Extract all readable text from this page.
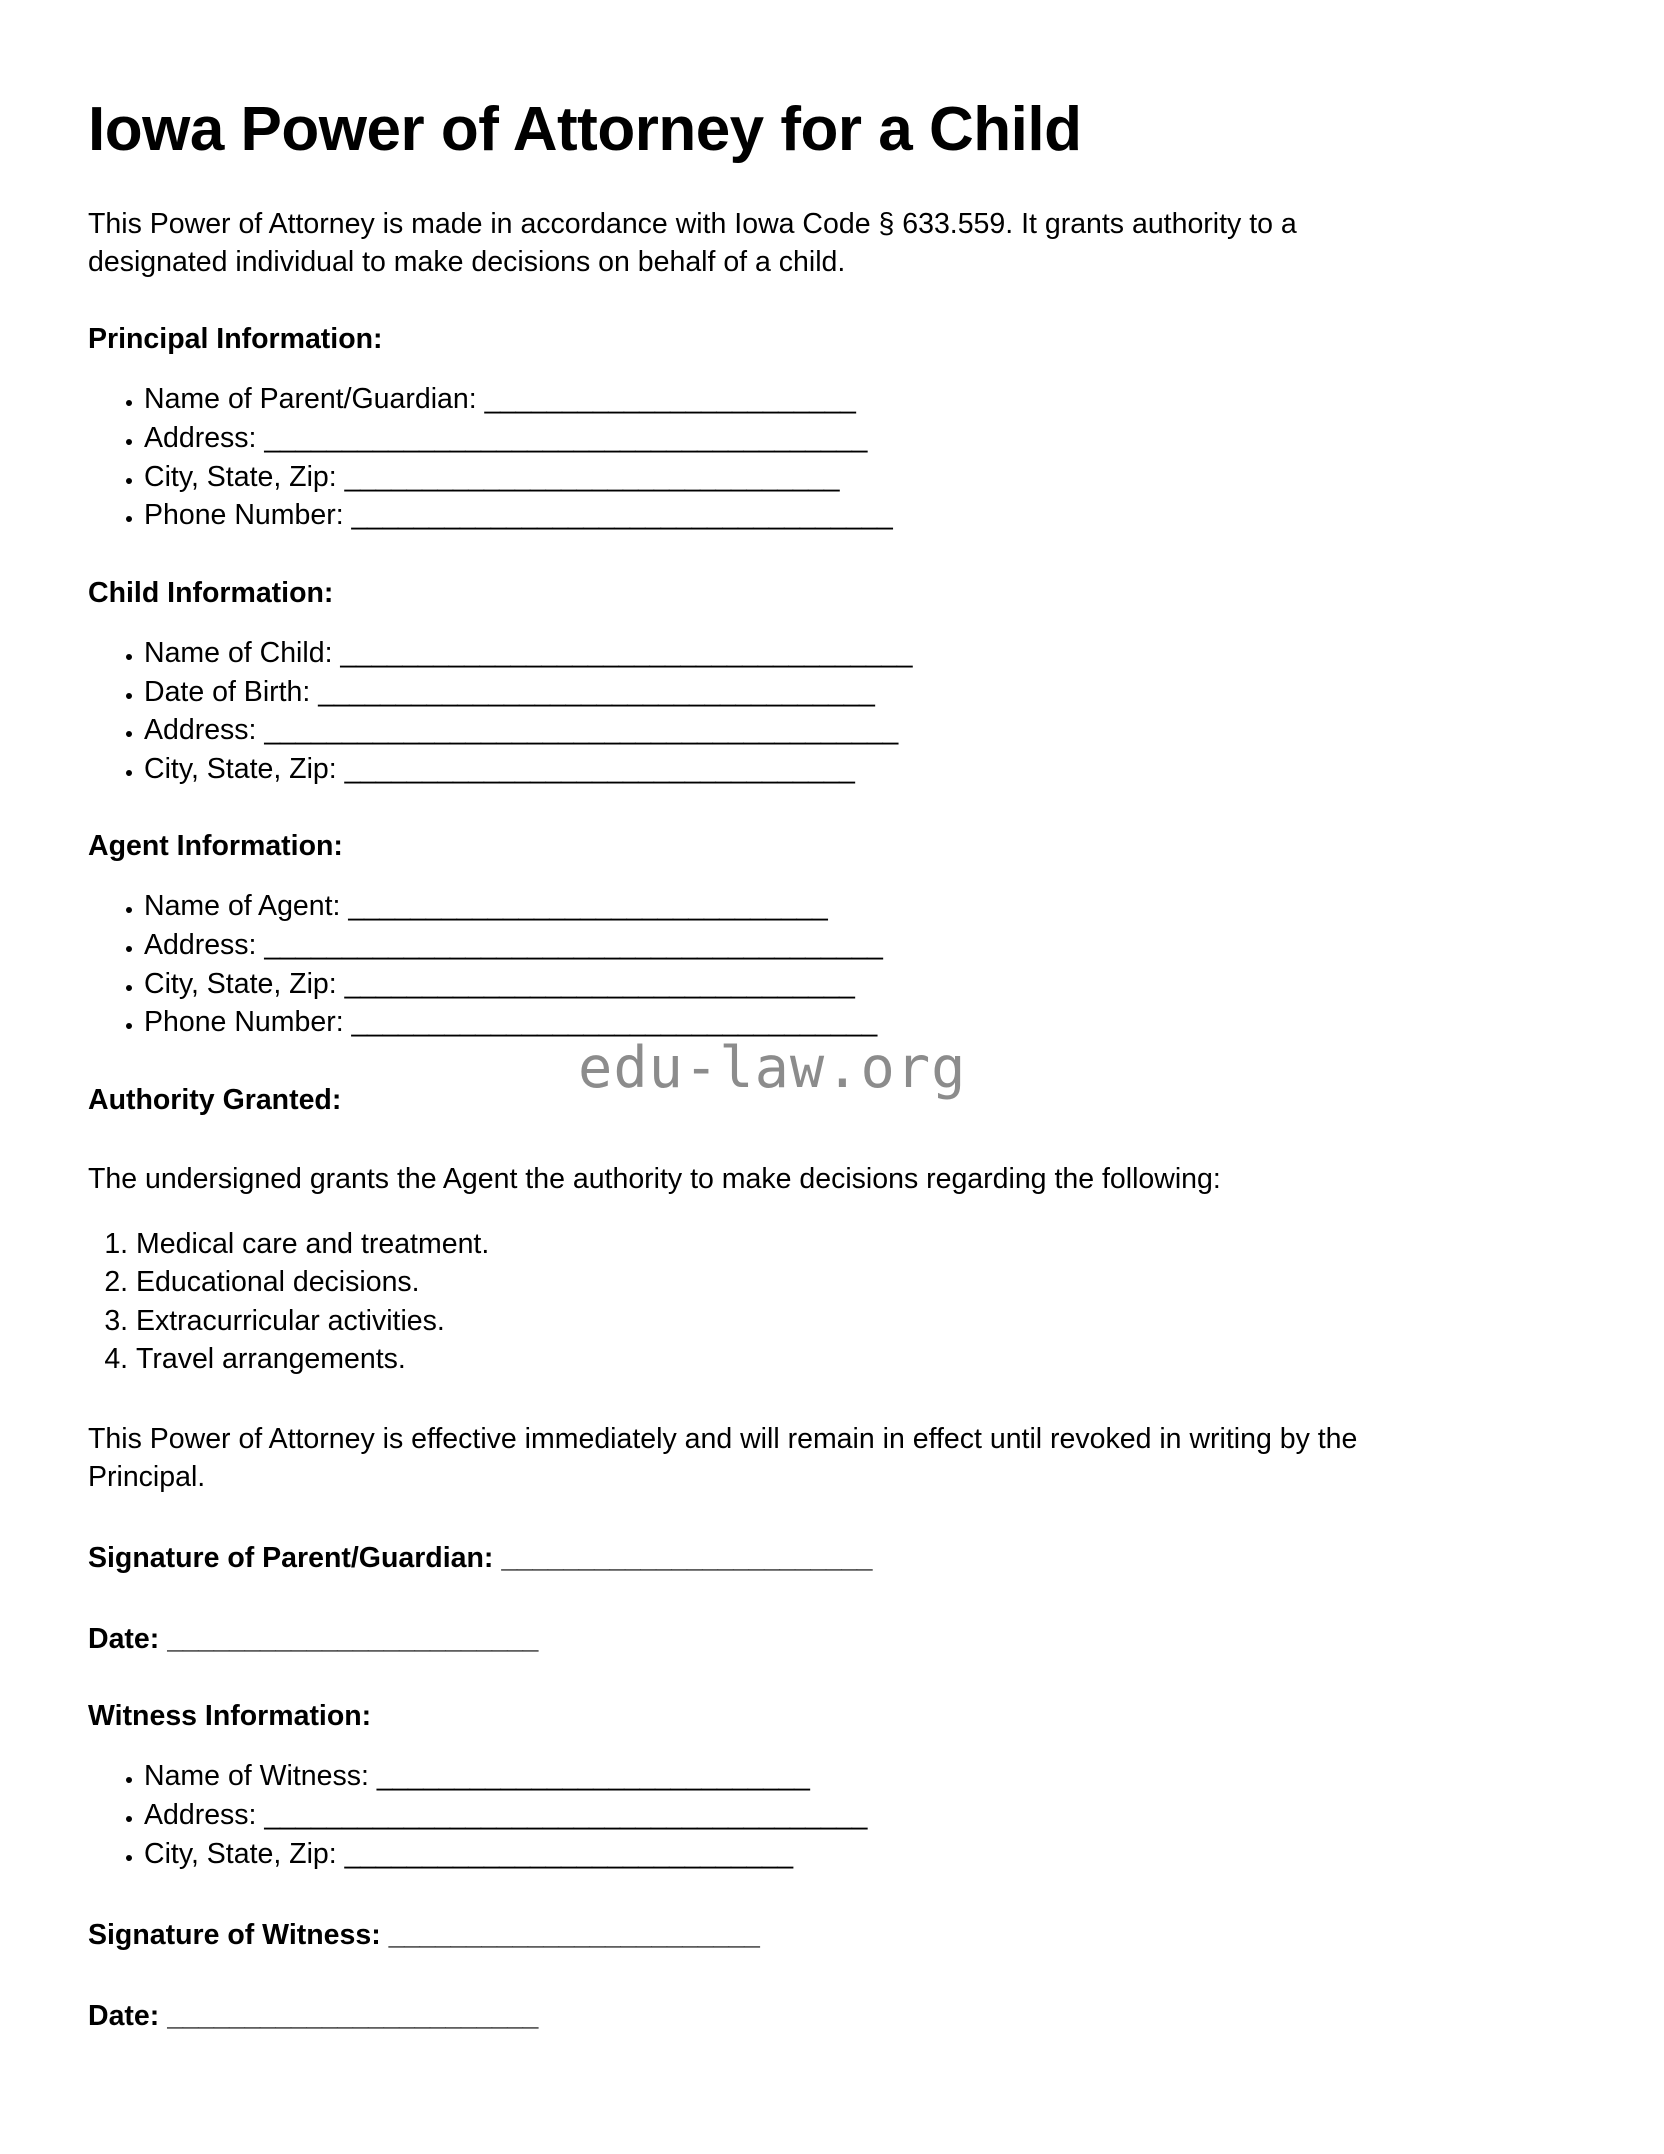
Iowa Power of Attorney for a Child

This Power of Attorney is made in accordance with Iowa Code § 633.559. It grants authority to a designated individual to make decisions on behalf of a child.

Principal Information:
• Name of Parent/Guardian: ________________________
• Address: _______________________________________
• City, State, Zip: ________________________________
• Phone Number: ___________________________________
Child Information:
• Name of Child: _____________________________________
• Date of Birth: ____________________________________
• Address: _________________________________________
• City, State, Zip: _________________________________
Agent Information:
• Name of Agent: _______________________________
• Address: ________________________________________
• City, State, Zip: _________________________________
• Phone Number: __________________________________
Authority Granted:

The undersigned grants the Agent the authority to make decisions regarding the following:

1. Medical care and treatment.
2. Educational decisions.
3. Extracurricular activities.
4. Travel arrangements.

This Power of Attorney is effective immediately and will remain in effect until revoked in writing by the Principal.

Signature of Parent/Guardian: ________________________

Date: ________________________

Witness Information:
• Name of Witness: ____________________________
• Address: _______________________________________
• City, State, Zip: _____________________________

Signature of Witness: ________________________

Date: ________________________

edu-law.org
